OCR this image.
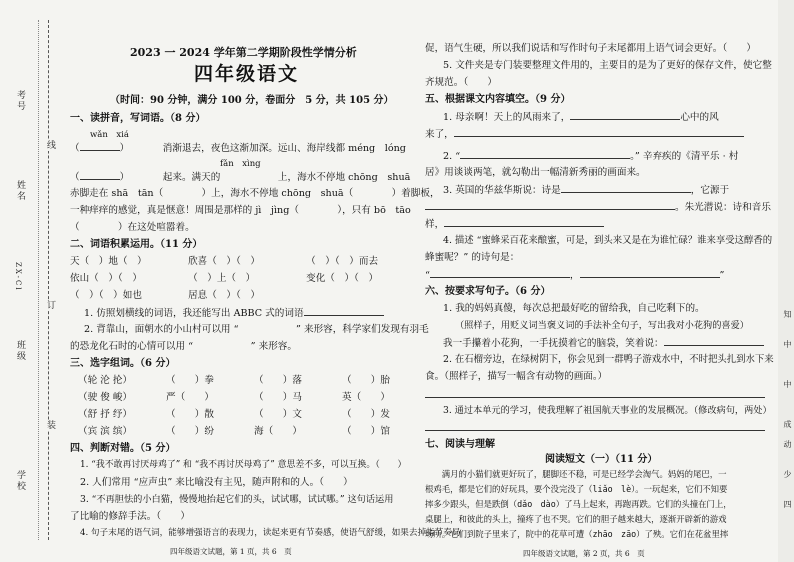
学校
班级
姓名
考号
线
订
装
ZX-Cl
2023 一 2024 学年第二学期阶段性学情分析
四年级语文
（时间：90 分钟，满分 100 分，卷面分　5 分，共 105 分）
一、读拼音，写词语。（8 分）
wǎn　xiá
（	）　　　　消渐退去，夜色这渐加深。远山、海岸线都 méng　lóng
fǎn　xìng
（	）　　　　起来。满天的　　　　　　上，海水不停地 chōng　shuā
赤脚走在 shā　tān（　　　　）上，海水不停地 chōng　shuā（　　　　）着脚板，
一种痒痒的感觉，真是惬意！周围是那样的 jì　jìng（　　　　），只有 bō　tāo
（　　　　）在这处喧嚣着。
二、词语积累运用。（11 分）
天（　）地（　）	欣喜（　）（　）	（　）（　）而去
依山（　）（　）	（　）上（　）	变化（　）（　）
（　）（　）如也	居息（　）（　）
1. 仿照划横线的词语，我还能写出 ABBC 式的词语
2. 背靠山，面朝水的小山村可以用 “　　　　　　” 来形容，科学家们发现有羽毛
的恐龙化石时的心情可以用 “　　　　　　” 来形容。
三、选字组词。（6 分）
（轮 沦 抡）	（　　）拳	（　　）落	（　　）胎
（驶 俊 峻）	严（　　）	（　　）马	英（　　）
（舒 抒 纾）	（　　）散	（　　）文	（　　）发
（宾 滨 缤）	（　　）纷	海（　　）	（　　）馆
四、判断对错。（5 分）
1. “我不敢再讨厌母鸡了” 和 “我不再讨厌母鸡了” 意思差不多，可以互换。（　　）
2. 人们常用 “应声虫” 来比喻没有主见，随声附和的人。（　　）
3. “不再胆怯的小白猫，慢慢地抬起它们的头，试试哪，试试哪。” 这句话运用
了比喻的修辞手法。（　　）
4. 句子末尾的语气词，能够增强语言的表现力，读起来更有节奏感，使语气舒缓，如果去掉指节奏局
四年级语文试题，第 1 页，共 6　页
促，语气生硬，所以我们说话和写作时句子末尾都用上语气词会更好。（　　）
5. 文件夹是专门装要整理文件用的，主要目的是为了更好的保存文件，使它整
齐规范。（　　）
五、根据课文内容填空。（9 分）
1. 母亲啊！天上的风雨来了，	心中的风
来了，
2. “	。” 辛弃疾的《清平乐 · 村
居》用谈谈两笔，就勾勒出一幅清新秀丽的画面来。
3. 英国的华兹华斯说：诗是	，它源于
。朱光潜说：诗和音乐
样，
4. 描述 “蜜蜂采百花来酿蜜，可是，到头来又是在为谁忙碌？谁来享受这醇香的
蜂蜜呢？” 的诗句是：
“	，	”
六、按要求写句子。（6 分）
1. 我的妈妈真傻，每次总把最好吃的留给我，自己吃剩下的。
（照样子，用贬义词当褒义词的手法补全句子，写出我对小花狗的喜爱）
我一手攥着小花狗，一手抚摸着它的脑袋，笑着说：
2. 在石榴旁边，在绿树阴下，你会见到一群鸭子游戏水中，不时把头扎到水下来
食。（照样子，描写一幅含有动物的画面。）
3. 通过本单元的学习，使我理解了祖国航天事业的发展概况。（修改病句，两处）
七、阅读与理解
阅读短文（一）（11 分）
　　满月的小猫们就更好玩了，腿脚还不稳，可是已经学会淘气。妈妈的尾巴，一
根鸡毛，都是它们的好玩具，要个没完没了（liǎo　lè）。一玩起来，它们不知要
摔多少跟头，但是跌倒（dǎo　dào）了马上起来，再跑再跌。它们的头撞在门上，
桌腿上，和彼此的头上，撞疼了也不哭。它们的胆子越来越大，逐渐开辟新的游戏
场所。它们到院子里来了，院中的花草可遭（zhāo　zāo）了殃。它们在花盆里摔
四年级语文试题，第 2 页，共 6　页
知
中
中
成
动
少
四
